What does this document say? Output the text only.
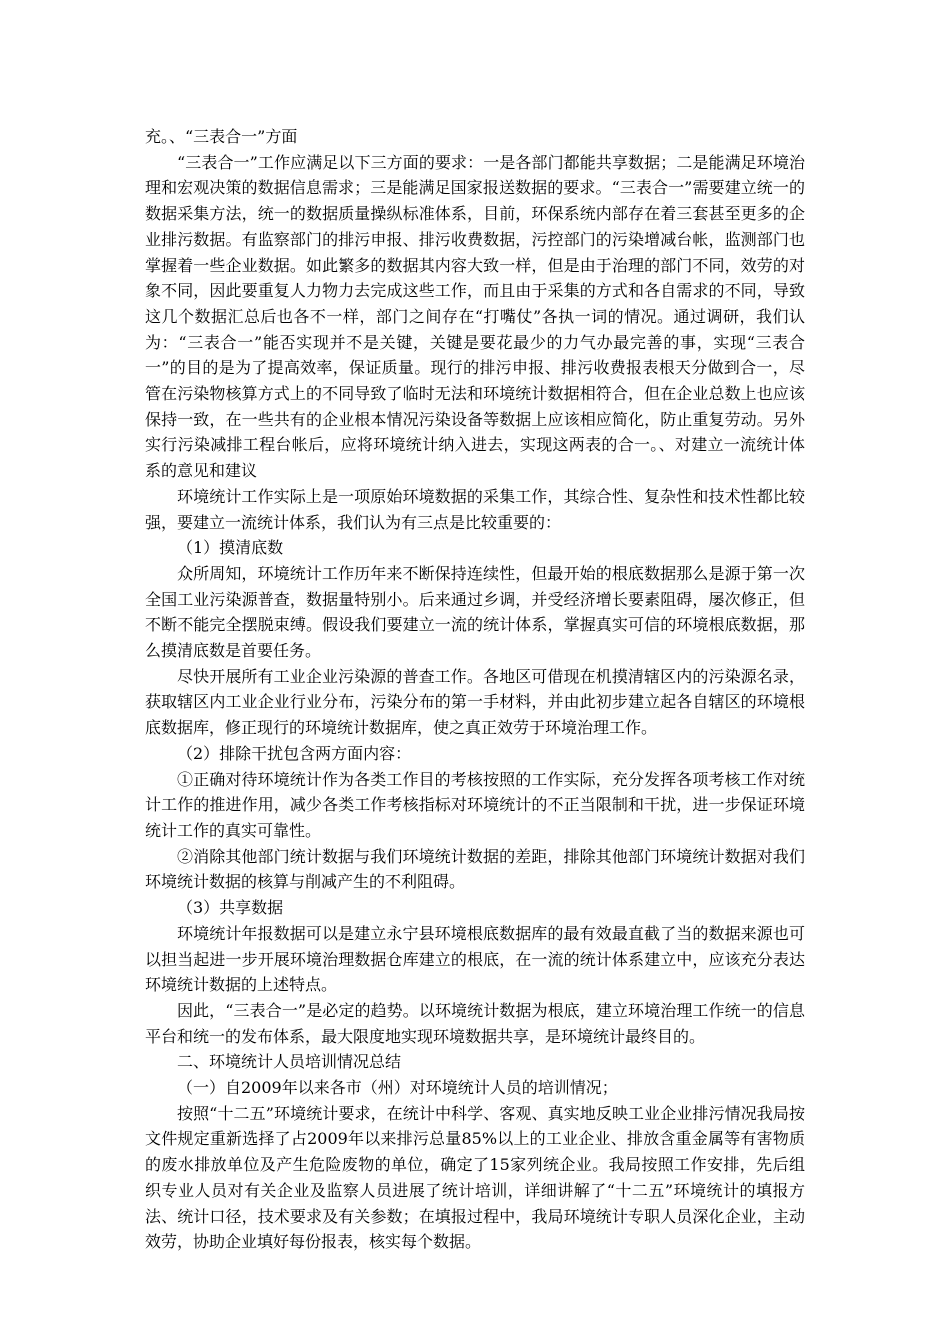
充。、“三表合一”方面

“三表合一”工作应满足以下三方面的要求：一是各部门都能共享数据；二是能满足环境治理和宏观决策的数据信息需求；三是能满足国家报送数据的要求。“三表合一”需要建立统一的数据采集方法，统一的数据质量操纵标准体系，目前，环保系统内部存在着三套甚至更多的企业排污数据。有监察部门的排污申报、排污收费数据，污控部门的污染增减台帐，监测部门也掌握着一些企业数据。如此繁多的数据其内容大致一样，但是由于治理的部门不同，效劳的对象不同，因此要重复人力物力去完成这些工作，而且由于采集的方式和各自需求的不同，导致这几个数据汇总后也各不一样，部门之间存在“打嘴仗”各执一词的情况。通过调研，我们认为：“三表合一”能否实现并不是关键，关键是要花最少的力气办最完善的事，实现“三表合一”的目的是为了提高效率，保证质量。现行的排污申报、排污收费报表根天分做到合一，尽管在污染物核算方式上的不同导致了临时无法和环境统计数据相符合，但在企业总数上也应该保持一致，在一些共有的企业根本情况污染设备等数据上应该相应简化，防止重复劳动。另外实行污染减排工程台帐后，应将环境统计纳入进去，实现这两表的合一。、对建立一流统计体系的意见和建议

环境统计工作实际上是一项原始环境数据的采集工作，其综合性、复杂性和技术性都比较强，要建立一流统计体系，我们认为有三点是比较重要的：

（1）摸清底数

众所周知，环境统计工作历年来不断保持连续性，但最开始的根底数据那么是源于第一次全国工业污染源普查，数据量特别小。后来通过乡调，并受经济增长要素阻碍，屡次修正，但不断不能完全摆脱束缚。假设我们要建立一流的统计体系，掌握真实可信的环境根底数据，那么摸清底数是首要任务。

尽快开展所有工业企业污染源的普查工作。各地区可借现在机摸清辖区内的污染源名录，获取辖区内工业企业行业分布，污染分布的第一手材料，并由此初步建立起各自辖区的环境根底数据库，修正现行的环境统计数据库，使之真正效劳于环境治理工作。

（2）排除干扰包含两方面内容：

①正确对待环境统计作为各类工作目的考核按照的工作实际，充分发挥各项考核工作对统计工作的推进作用，减少各类工作考核指标对环境统计的不正当限制和干扰，进一步保证环境统计工作的真实可靠性。

②消除其他部门统计数据与我们环境统计数据的差距，排除其他部门环境统计数据对我们环境统计数据的核算与削减产生的不利阻碍。

（3）共享数据

环境统计年报数据可以是建立永宁县环境根底数据库的最有效最直截了当的数据来源也可以担当起进一步开展环境治理数据仓库建立的根底，在一流的统计体系建立中，应该充分表达环境统计数据的上述特点。

因此，“三表合一”是必定的趋势。以环境统计数据为根底，建立环境治理工作统一的信息平台和统一的发布体系，最大限度地实现环境数据共享，是环境统计最终目的。

二、环境统计人员培训情况总结

（一）自2009年以来各市（州）对环境统计人员的培训情况；

按照“十二五”环境统计要求，在统计中科学、客观、真实地反映工业企业排污情况我局按文件规定重新选择了占2009年以来排污总量85%以上的工业企业、排放含重金属等有害物质的废水排放单位及产生危险废物的单位，确定了15家列统企业。我局按照工作安排，先后组织专业人员对有关企业及监察人员进展了统计培训，详细讲解了“十二五”环境统计的填报方法、统计口径，技术要求及有关参数；在填报过程中，我局环境统计专职人员深化企业，主动效劳，协助企业填好每份报表，核实每个数据。
